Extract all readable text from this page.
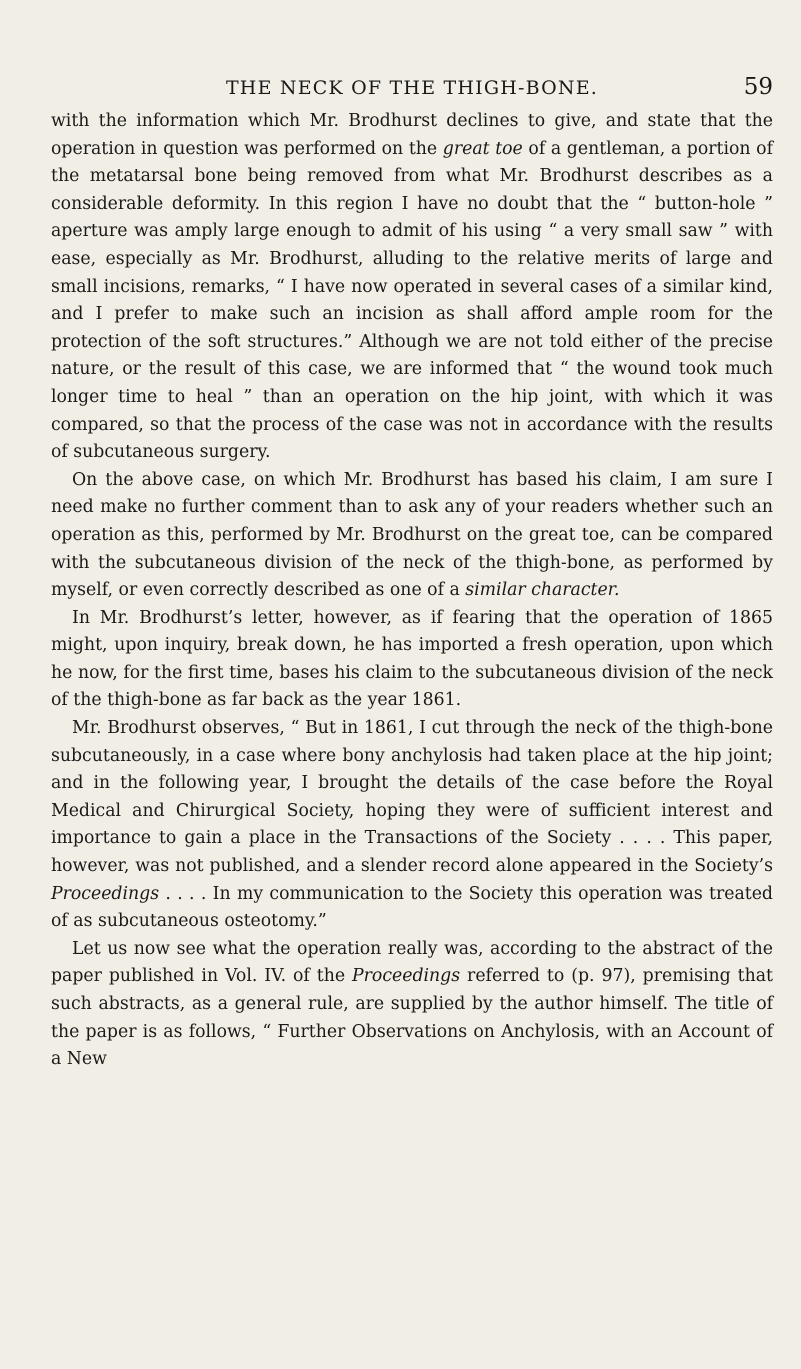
THE NECK OF THE THIGH-BONE.	59

with the information which Mr. Brodhurst declines to give, and state that the operation in question was performed on the great toe of a gentleman, a portion of the metatarsal bone being removed from what Mr. Brodhurst describes as a considerable deformity. In this region I have no doubt that the “ button-hole ” aperture was amply large enough to admit of his using “ a very small saw ” with ease, especially as Mr. Brodhurst, alluding to the relative merits of large and small incisions, remarks, “ I have now operated in several cases of a similar kind, and I prefer to make such an incision as shall afford ample room for the protection of the soft structures.” Although we are not told either of the precise nature, or the result of this case, we are informed that “ the wound took much longer time to heal ” than an operation on the hip joint, with which it was compared, so that the process of the case was not in accordance with the results of subcutaneous surgery.

On the above case, on which Mr. Brodhurst has based his claim, I am sure I need make no further comment than to ask any of your readers whether such an operation as this, performed by Mr. Brodhurst on the great toe, can be compared with the subcutaneous division of the neck of the thigh-bone, as performed by myself, or even correctly described as one of a similar character.

In Mr. Brodhurst’s letter, however, as if fearing that the operation of 1865 might, upon inquiry, break down, he has imported a fresh operation, upon which he now, for the first time, bases his claim to the subcutaneous division of the neck of the thigh-bone as far back as the year 1861.

Mr. Brodhurst observes, “ But in 1861, I cut through the neck of the thigh-bone subcutaneously, in a case where bony anchylosis had taken place at the hip joint; and in the following year, I brought the details of the case before the Royal Medical and Chirurgical Society, hoping they were of sufficient interest and importance to gain a place in the Transactions of the Society . . . . This paper, however, was not published, and a slender record alone appeared in the Society’s Proceedings . . . . In my communication to the Society this operation was treated of as subcutaneous osteotomy.”

Let us now see what the operation really was, according to the abstract of the paper published in Vol. IV. of the Proceedings referred to (p. 97), premising that such abstracts, as a general rule, are supplied by the author himself. The title of the paper is as follows, “ Further Observations on Anchylosis, with an Account of a New
